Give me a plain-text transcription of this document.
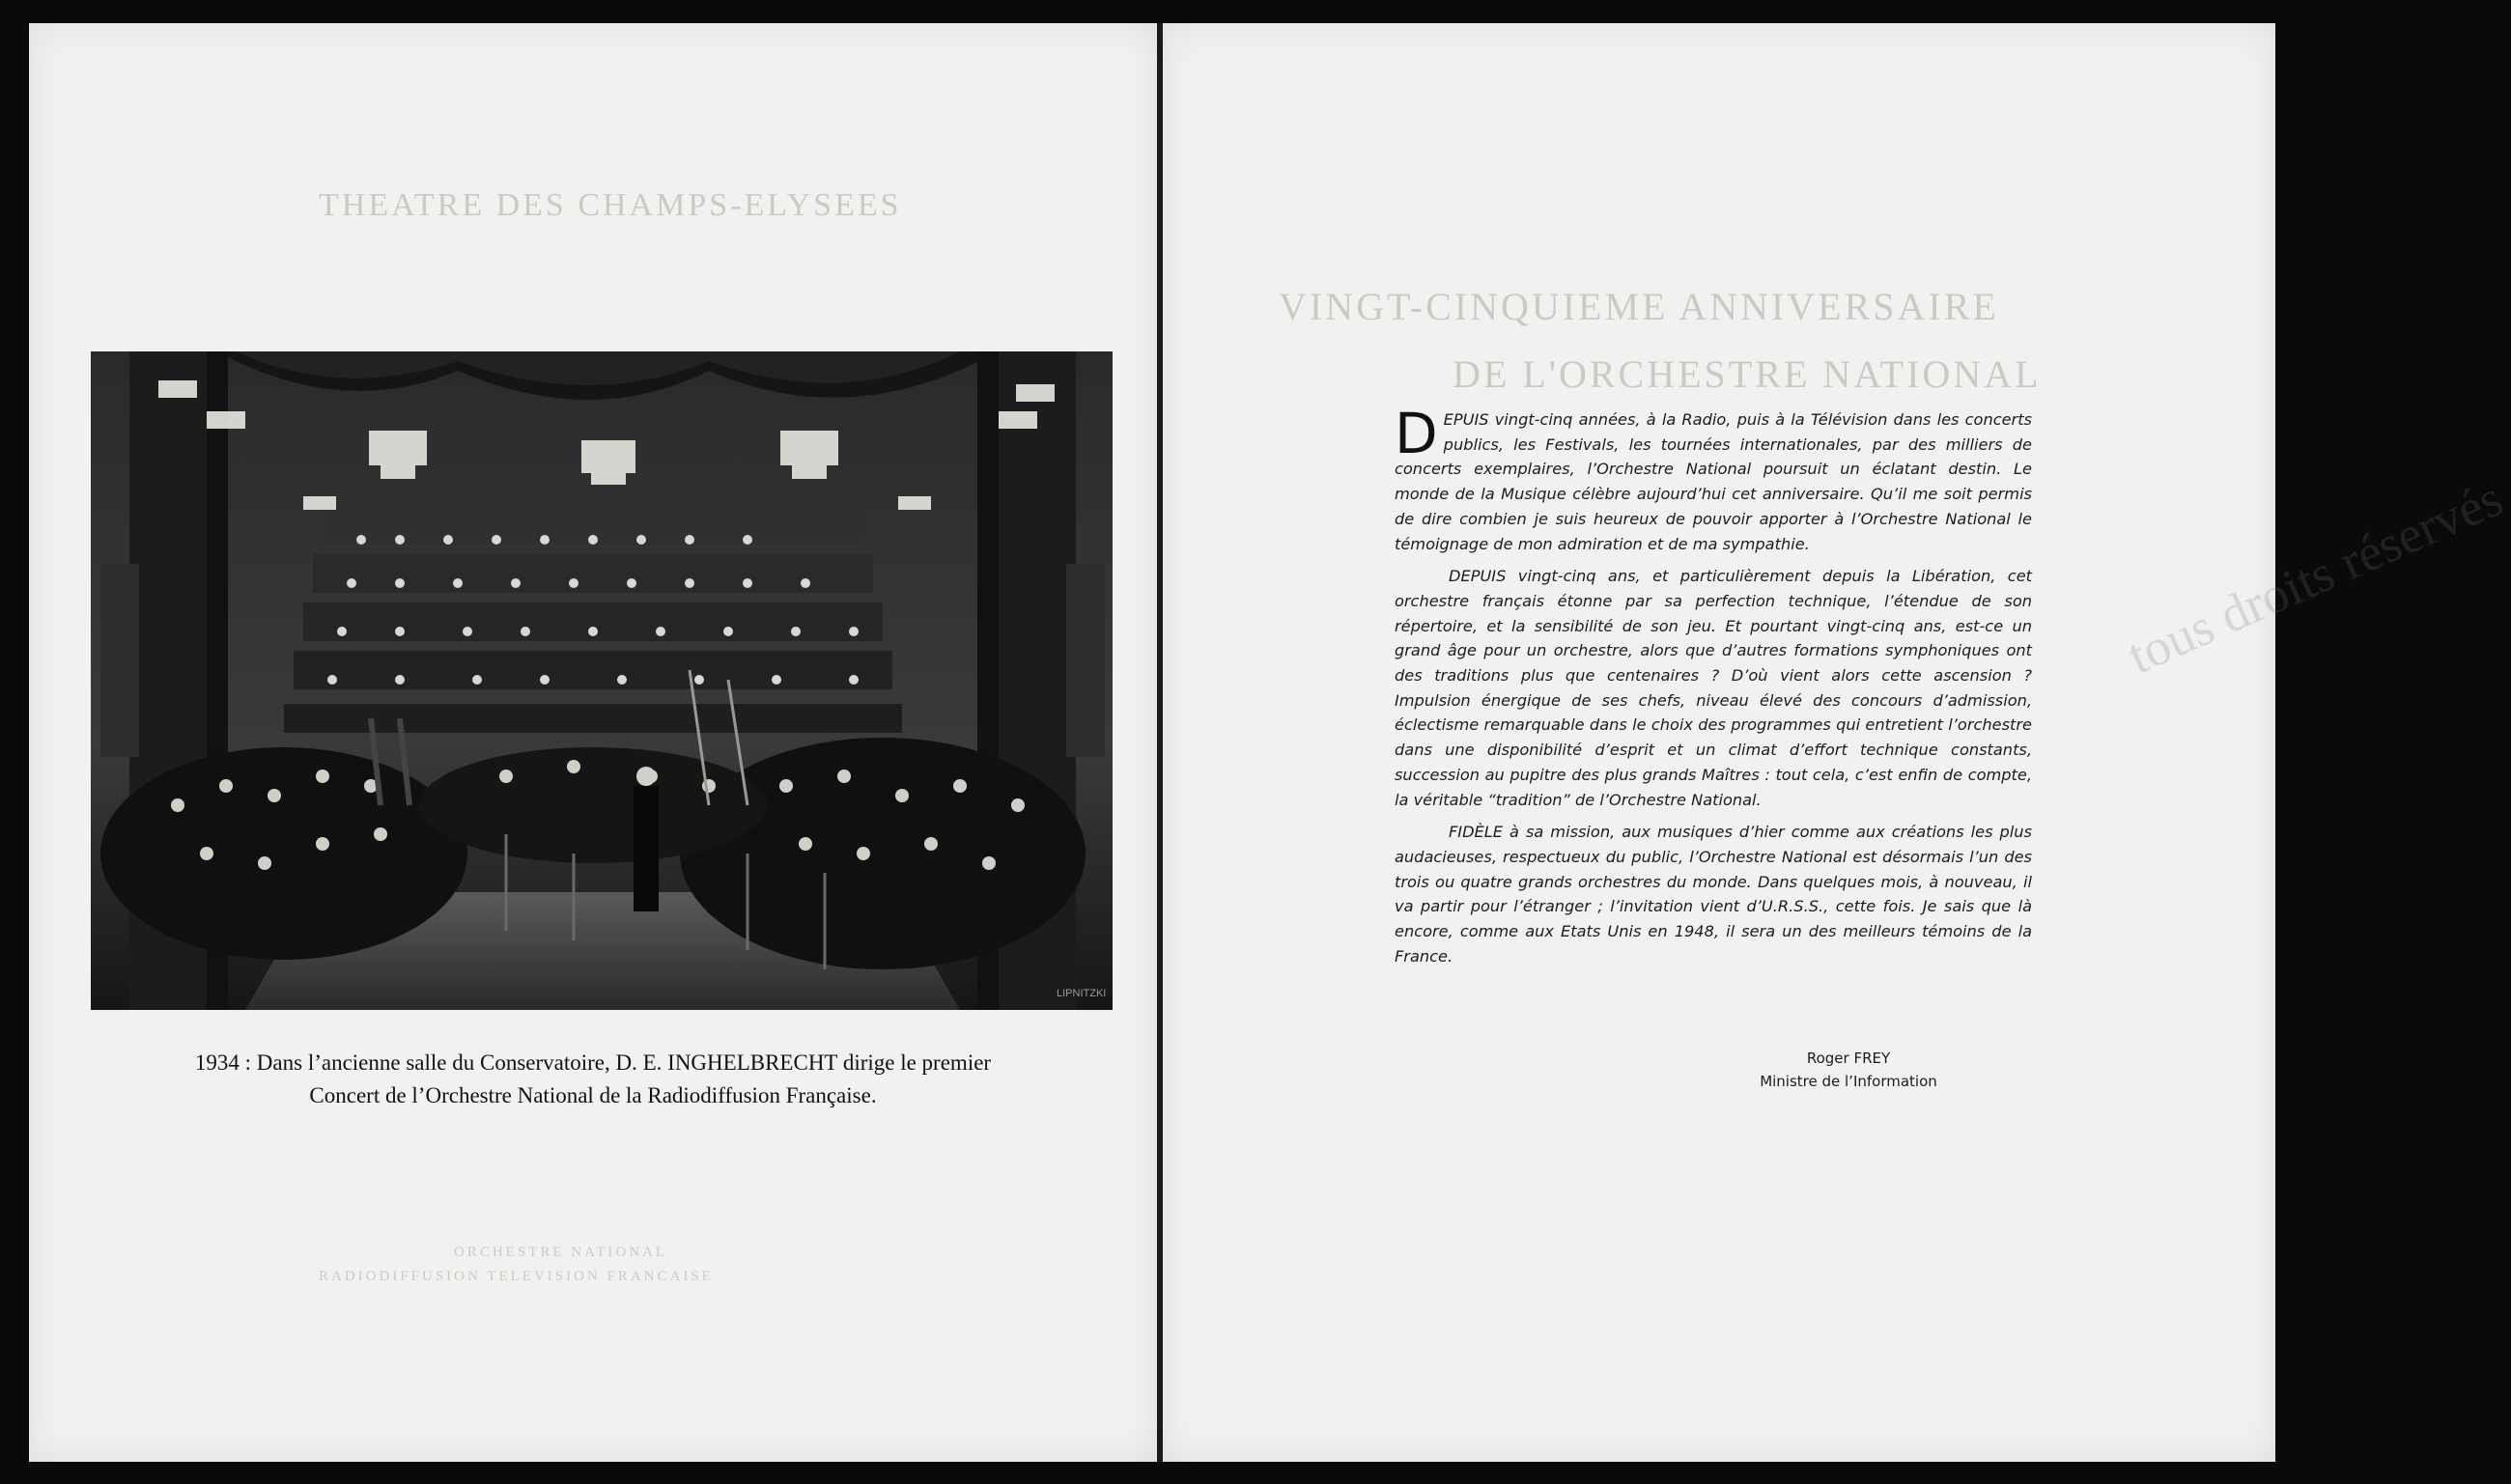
THEATRE DES CHAMPS-ELYSEES
ORCHESTRE NATIONAL
RADIODIFFUSION TELEVISION FRANCAISE
LIPNITZKI
1934 : Dans l’ancienne salle du Conservatoire, D. E. INGHELBRECHT dirige le premier
Concert de l’Orchestre National de la Radiodiffusion Française.
VINGT-CINQUIEME ANNIVERSAIRE
DE L'ORCHESTRE NATIONAL
tous droits réservés

DEPUIS vingt-cinq années, à la Radio, puis à la Télévision dans les concerts publics, les Festivals, les tournées internationales, par des milliers de concerts exemplaires, l’Orchestre National poursuit un éclatant destin. Le monde de la Musique célèbre aujourd’hui cet anniversaire. Qu’il me soit permis de dire combien je suis heureux de pouvoir apporter à l’Orchestre National le témoignage de mon admiration et de ma sympathie.

DEPUIS vingt-cinq ans, et particulièrement depuis la Libération, cet orchestre français étonne par sa perfection technique, l’étendue de son répertoire, et la sensibilité de son jeu. Et pourtant vingt-cinq ans, est-ce un grand âge pour un orchestre, alors que d’autres formations symphoniques ont des traditions plus que centenaires ? D’où vient alors cette ascension ? Impulsion énergique de ses chefs, niveau élevé des concours d’admission, éclectisme remarquable dans le choix des programmes qui entretient l’orchestre dans une disponibilité d’esprit et un climat d’effort technique constants, succession au pupitre des plus grands Maîtres : tout cela, c’est enfin de compte, la véritable “tradition” de l’Orchestre National.

FIDÈLE à sa mission, aux musiques d’hier comme aux créations les plus audacieuses, respectueux du public, l’Orchestre National est désormais l’un des trois ou quatre grands orchestres du monde. Dans quelques mois, à nouveau, il va partir pour l’étranger ; l’invitation vient d’U.R.S.S., cette fois. Je sais que là encore, comme aux Etats Unis en 1948, il sera un des meilleurs témoins de la France.

Roger FREY
Ministre de l’Information
